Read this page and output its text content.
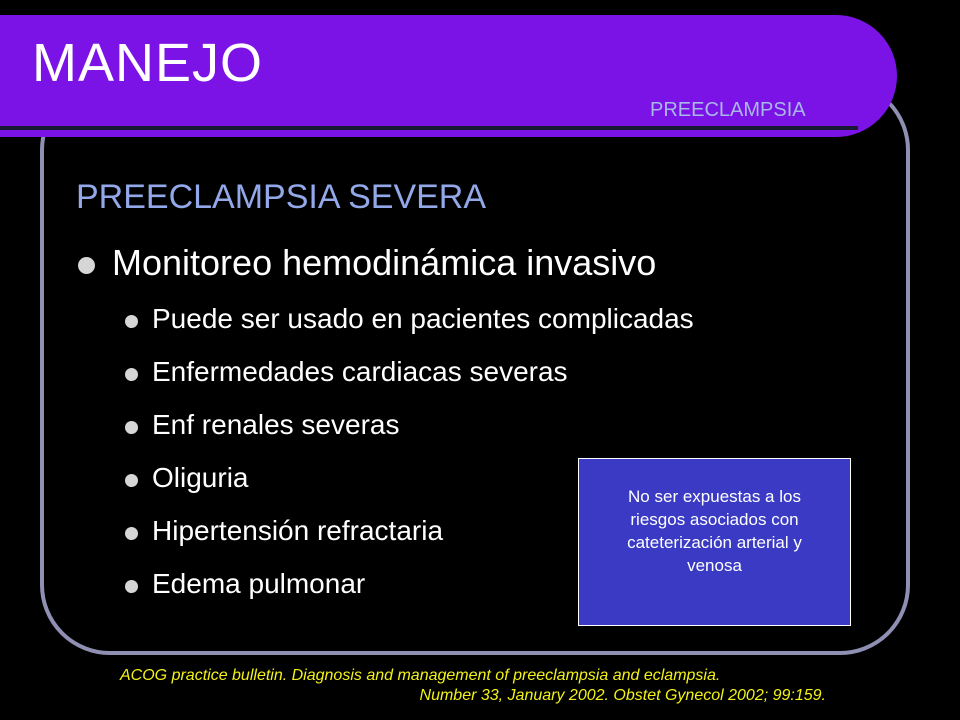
MANEJO
PREECLAMPSIA
PREECLAMPSIA SEVERA
Monitoreo hemodinámica invasivo
Puede ser usado en pacientes complicadas
Enfermedades cardiacas severas
Enf renales severas
Oliguria
Hipertensión refractaria
Edema pulmonar
No ser expuestas a los
riesgos asociados con
cateterización arterial y
venosa
ACOG practice bulletin. Diagnosis and management of preeclampsia and eclampsia.
Number 33, January 2002. Obstet Gynecol 2002; 99:159.
